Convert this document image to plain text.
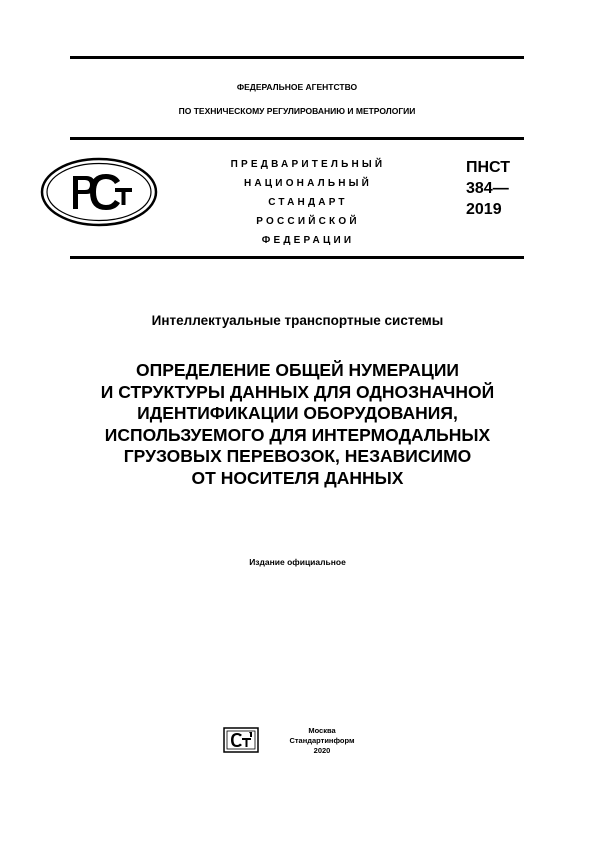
ФЕДЕРАЛЬНОЕ АГЕНТСТВО
ПО ТЕХНИЧЕСКОМУ РЕГУЛИРОВАНИЮ И МЕТРОЛОГИИ
ПРЕДВАРИТЕЛЬНЫЙ
НАЦИОНАЛЬНЫЙ
СТАНДАРТ
РОССИЙСКОЙ
ФЕДЕРАЦИИ
ПНСТ
384—
2019
Интеллектуальные транспортные системы
ОПРЕДЕЛЕНИЕ ОБЩЕЙ НУМЕРАЦИИ
И СТРУКТУРЫ ДАННЫХ ДЛЯ ОДНОЗНАЧНОЙ
ИДЕНТИФИКАЦИИ ОБОРУДОВАНИЯ,
ИСПОЛЬЗУЕМОГО ДЛЯ ИНТЕРМОДАЛЬНЫХ
ГРУЗОВЫХ ПЕРЕВОЗОК, НЕЗАВИСИМО
ОТ НОСИТЕЛЯ ДАННЫХ
Издание официальное
Москва
Стандартинформ
2020
